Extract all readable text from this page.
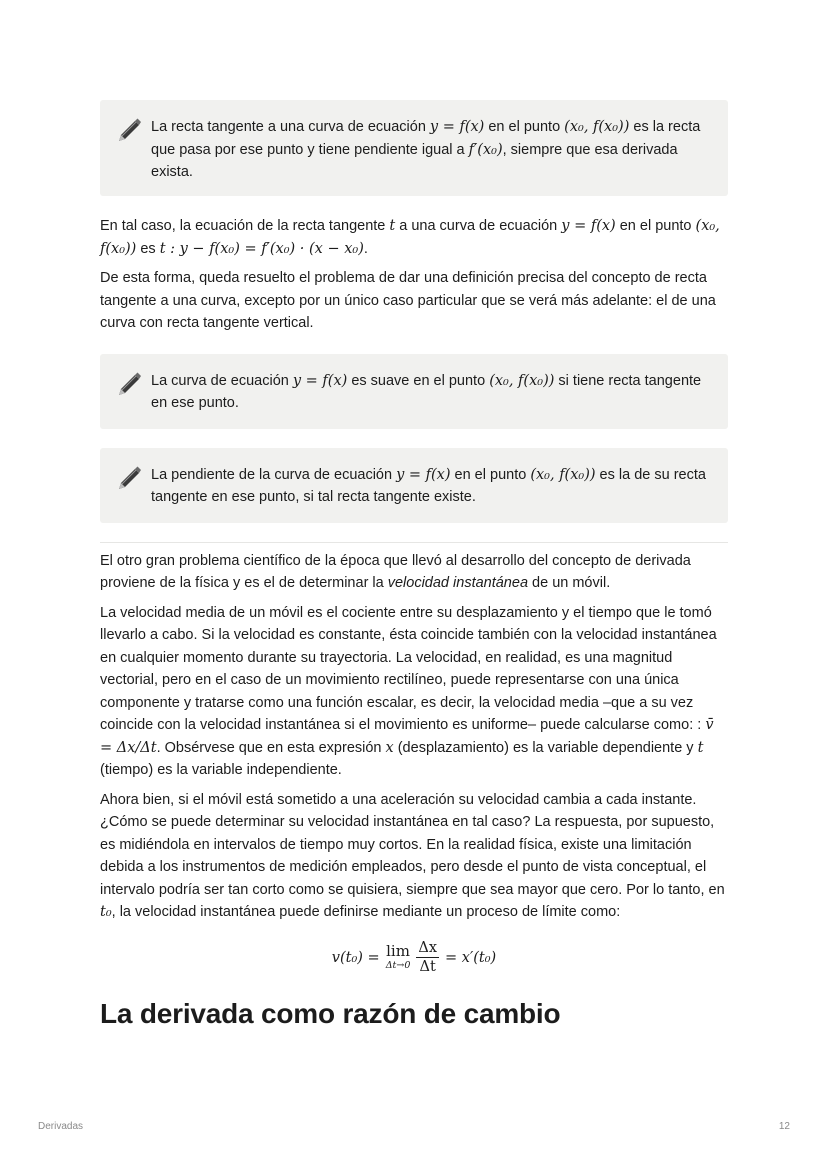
La recta tangente a una curva de ecuación y = f(x) en el punto (x₀, f(x₀)) es la recta que pasa por ese punto y tiene pendiente igual a f′(x₀), siempre que esa derivada exista.

En tal caso, la ecuación de la recta tangente t a una curva de ecuación y = f(x) en el punto (x₀, f(x₀)) es t : y − f(x₀) = f′(x₀) · (x − x₀).

De esta forma, queda resuelto el problema de dar una definición precisa del concepto de recta tangente a una curva, excepto por un único caso particular que se verá más adelante: el de una curva con recta tangente vertical.

La curva de ecuación y = f(x) es suave en el punto (x₀, f(x₀)) si tiene recta tangente en ese punto.
La pendiente de la curva de ecuación y = f(x) en el punto (x₀, f(x₀)) es la de su recta tangente en ese punto, si tal recta tangente existe.

El otro gran problema científico de la época que llevó al desarrollo del concepto de derivada proviene de la física y es el de determinar la velocidad instantánea de un móvil.

La velocidad media de un móvil es el cociente entre su desplazamiento y el tiempo que le tomó llevarlo a cabo. Si la velocidad es constante, ésta coincide también con la velocidad instantánea en cualquier momento durante su trayectoria. La velocidad, en realidad, es una magnitud vectorial, pero en el caso de un movimiento rectilíneo, puede representarse con una única componente y tratarse como una función escalar, es decir, la velocidad media –que a su vez coincide con la velocidad instantánea si el movimiento es uniforme– puede calcularse como: : v̄ = Δx/Δt. Obsérvese que en esta expresión x (desplazamiento) es la variable dependiente y t (tiempo) es la variable independiente.

Ahora bien, si el móvil está sometido a una aceleración su velocidad cambia a cada instante. ¿Cómo se puede determinar su velocidad instantánea en tal caso? La respuesta, por supuesto, es midiéndola en intervalos de tiempo muy cortos. En la realidad física, existe una limitación debida a los instrumentos de medición empleados, pero desde el punto de vista conceptual, el intervalo podría ser tan corto como se quisiera, siempre que sea mayor que cero. Por lo tanto, en t₀, la velocidad instantánea puede definirse mediante un proceso de límite como:

v(t₀) = lim
$\Delta t\to 0 \frac{\Delta x}{\Delta t} = x'(t_0)$
La derivada como razón de cambio
Derivadas	12
